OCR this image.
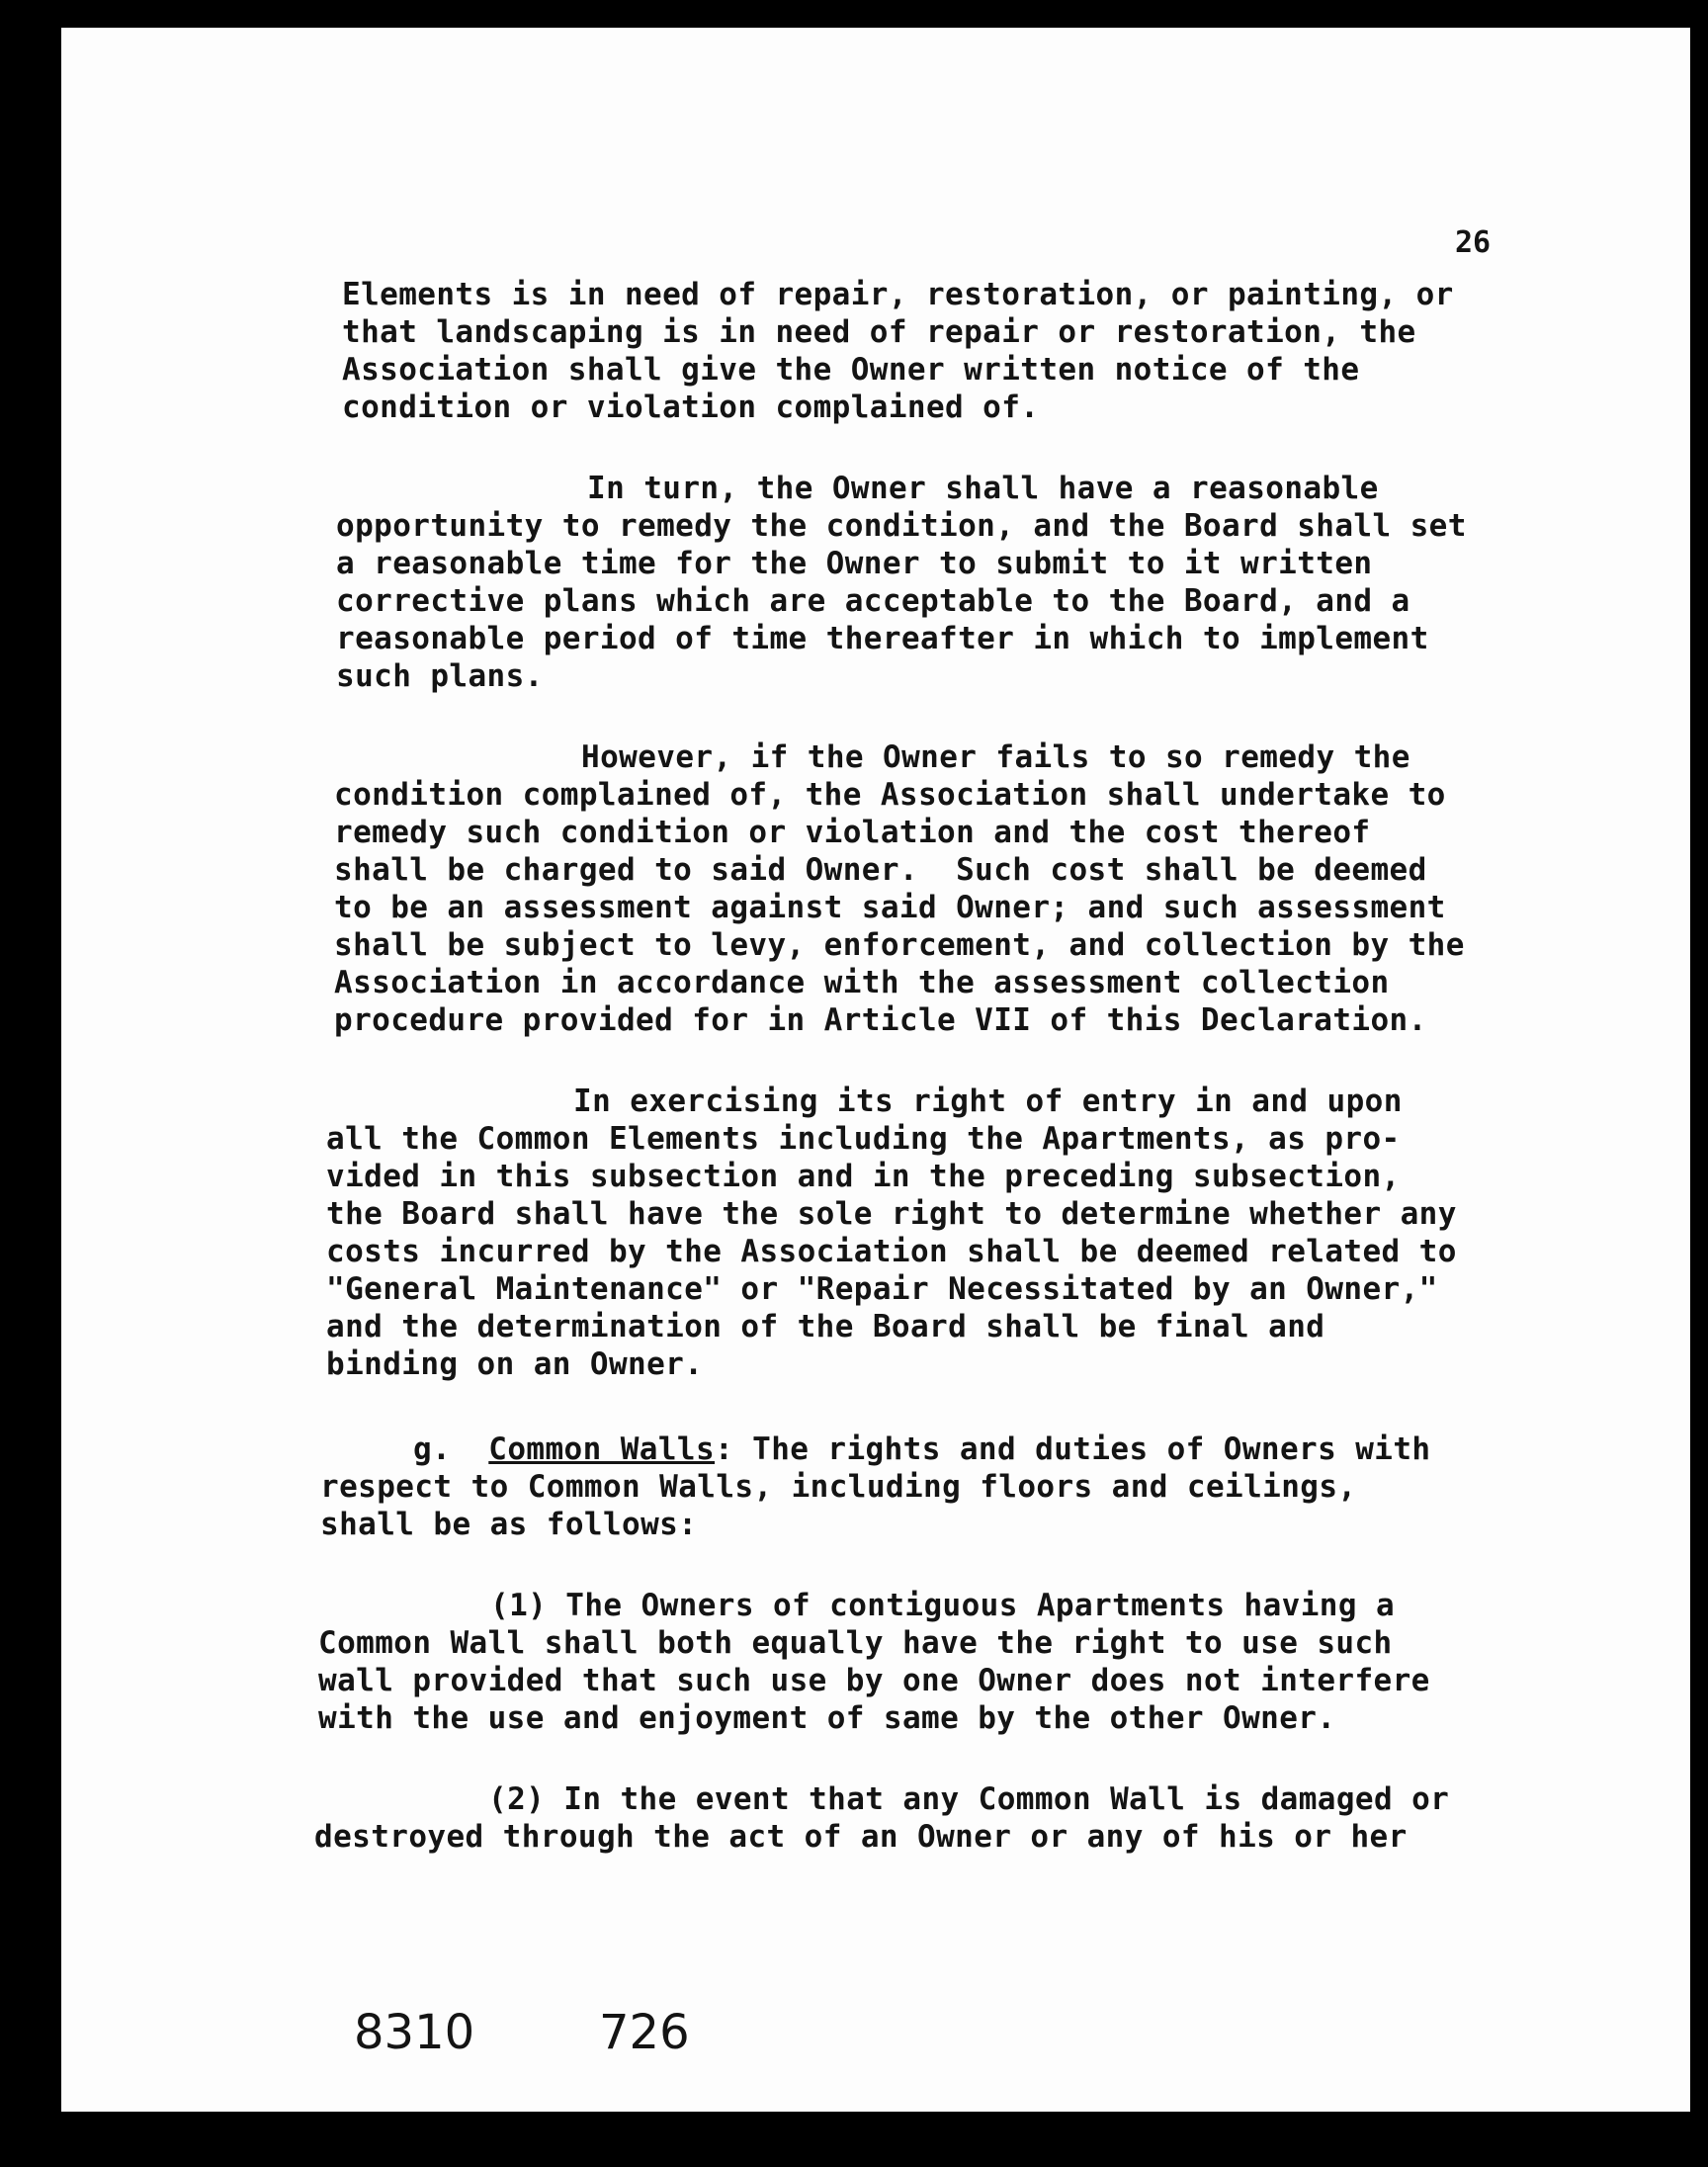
26
Elements is in need of repair, restoration, or painting, or
that landscaping is in need of repair or restoration, the
Association shall give the Owner written notice of the
condition or violation complained of.
In turn, the Owner shall have a reasonable
opportunity to remedy the condition, and the Board shall set
a reasonable time for the Owner to submit to it written
corrective plans which are acceptable to the Board, and a
reasonable period of time thereafter in which to implement
such plans.
However, if the Owner fails to so remedy the
condition complained of, the Association shall undertake to
remedy such condition or violation and the cost thereof
shall be charged to said Owner.  Such cost shall be deemed
to be an assessment against said Owner; and such assessment
shall be subject to levy, enforcement, and collection by the
Association in accordance with the assessment collection
procedure provided for in Article VII of this Declaration.
In exercising its right of entry in and upon
all the Common Elements including the Apartments, as pro-
vided in this subsection and in the preceding subsection,
the Board shall have the sole right to determine whether any
costs incurred by the Association shall be deemed related to
"General Maintenance" or "Repair Necessitated by an Owner,"
and the determination of the Board shall be final and
binding on an Owner.
g. Common Walls: The rights and duties of Owners with
respect to Common Walls, including floors and ceilings,
shall be as follows:
(1) The Owners of contiguous Apartments having a
Common Wall shall both equally have the right to use such
wall provided that such use by one Owner does not interfere
with the use and enjoyment of same by the other Owner.
(2) In the event that any Common Wall is damaged or
destroyed through the act of an Owner or any of his or her
8310	726
